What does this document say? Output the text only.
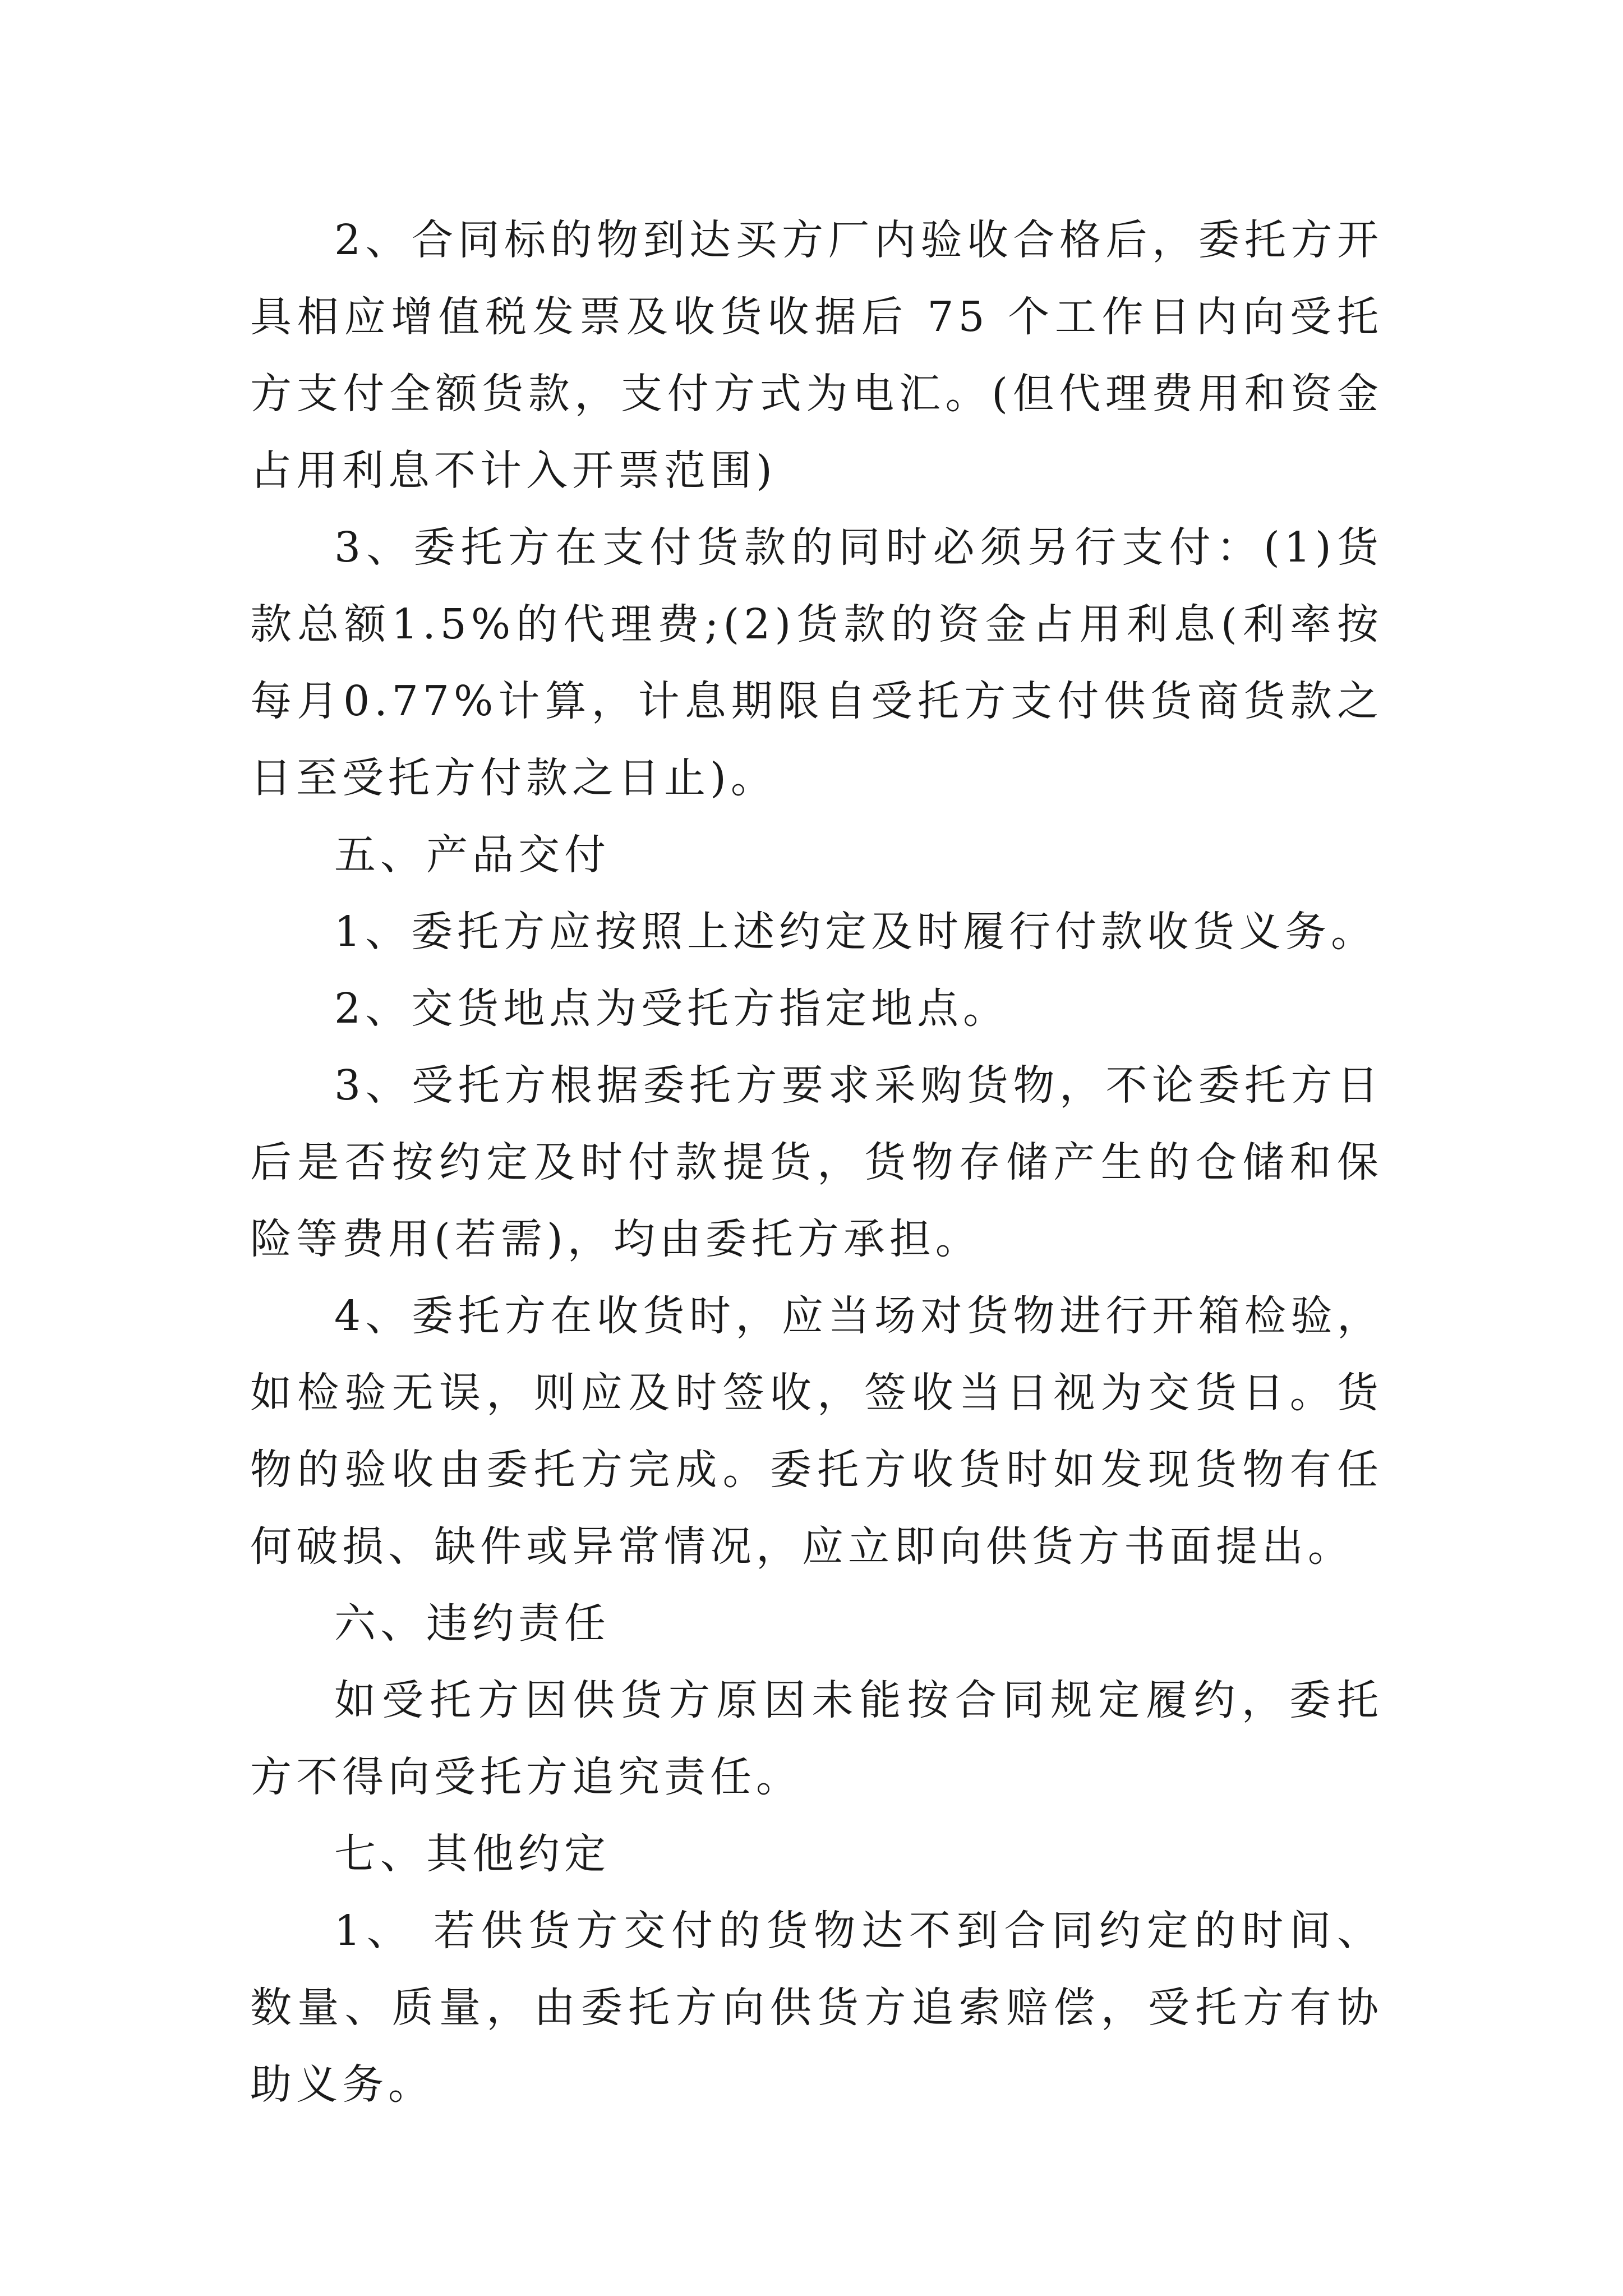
2、合同标的物到达买方厂内验收合格后，委托方开具相应增值税发票及收货收据后 75 个工作日内向受托方支付全额货款，支付方式为电汇。(但代理费用和资金占用利息不计入开票范围)

3、委托方在支付货款的同时必须另行支付：(1)货款总额1.5%的代理费;(2)货款的资金占用利息(利率按每月0.77%计算，计息期限自受托方支付供货商货款之日至受托方付款之日止)。

五、产品交付

1、委托方应按照上述约定及时履行付款收货义务。

2、交货地点为受托方指定地点。

3、受托方根据委托方要求采购货物，不论委托方日后是否按约定及时付款提货，货物存储产生的仓储和保险等费用(若需)，均由委托方承担。

4、委托方在收货时，应当场对货物进行开箱检验，如检验无误，则应及时签收，签收当日视为交货日。货物的验收由委托方完成。委托方收货时如发现货物有任何破损、缺件或异常情况，应立即向供货方书面提出。

六、违约责任

如受托方因供货方原因未能按合同规定履约，委托方不得向受托方追究责任。

七、其他约定

1、 若供货方交付的货物达不到合同约定的时间、数量、质量，由委托方向供货方追索赔偿，受托方有协助义务。
